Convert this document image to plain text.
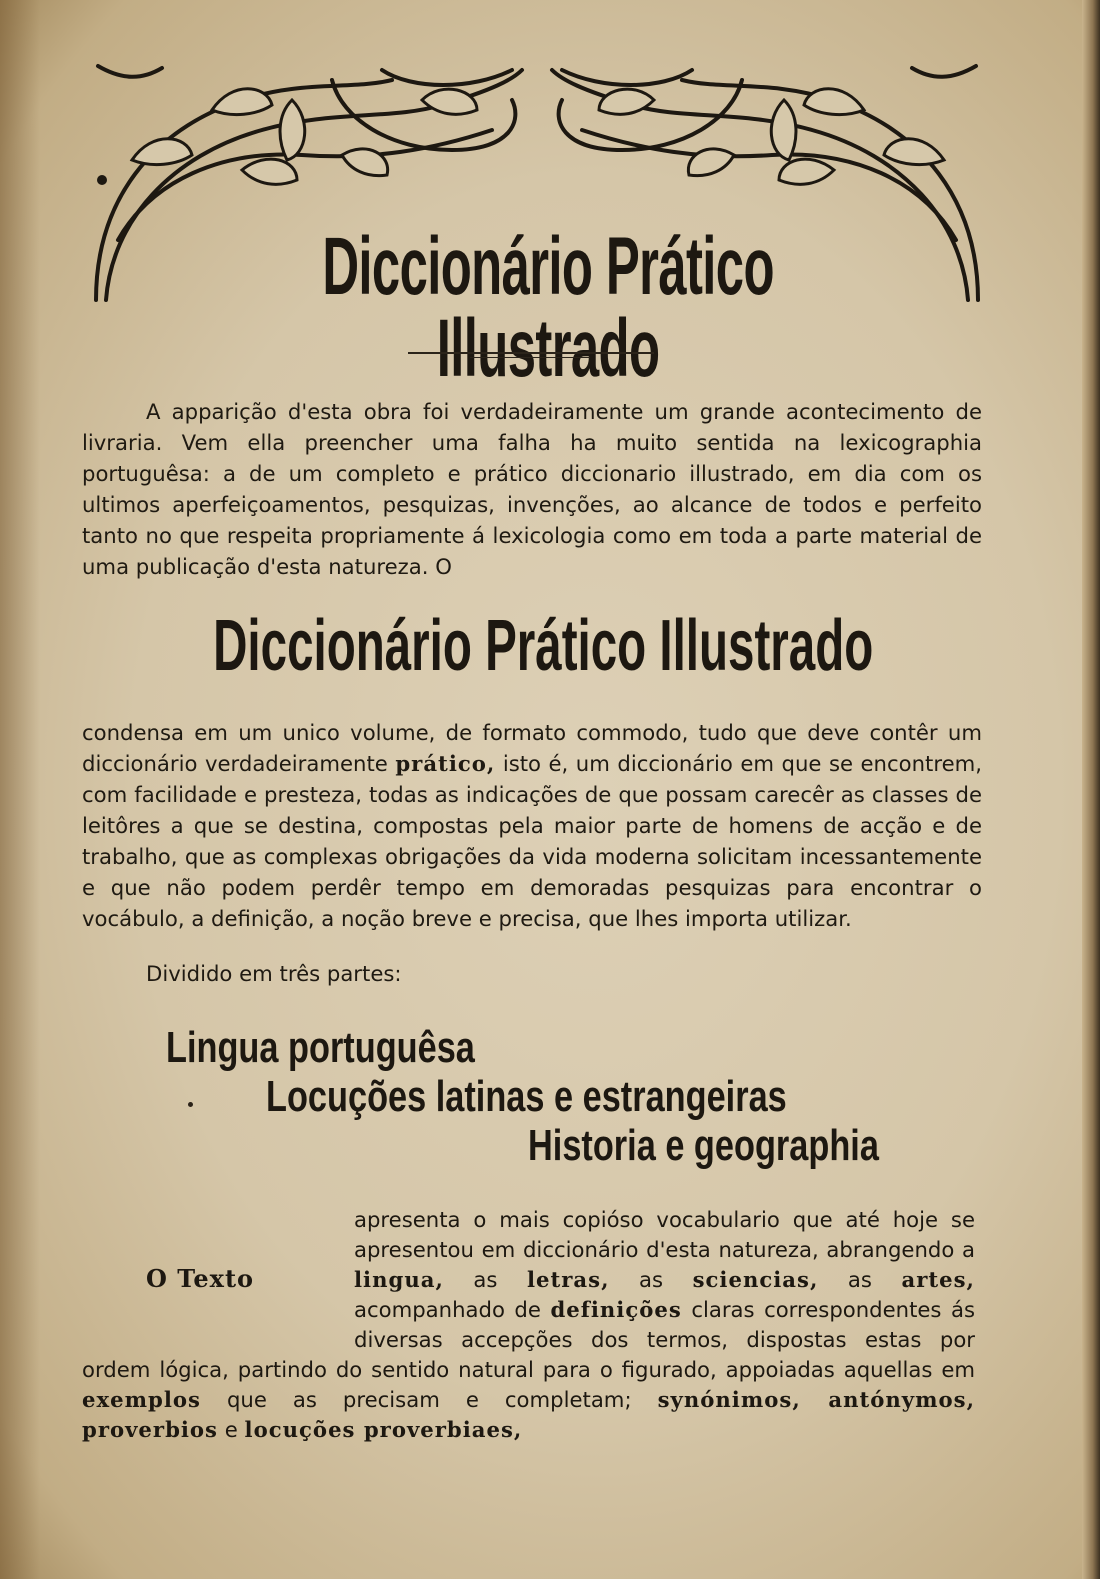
Diccionário Prático Illustrado
A apparição d'esta obra foi verdadeiramente um grande acontecimento de livraria. Vem ella preencher uma falha ha muito sentida na lexicographia portuguêsa: a de um completo e prático diccionario illustrado, em dia com os ultimos aperfeiçoamentos, pesquizas, invenções, ao alcance de todos e perfeito tanto no que respeita propriamente á lexicologia como em toda a parte material de uma publicação d'esta natureza. O
Diccionário Prático Illustrado
condensa em um unico volume, de formato commodo, tudo que deve contêr um diccionário verdadeiramente prático, isto é, um diccionário em que se encontrem, com facilidade e presteza, todas as indicações de que possam carecêr as classes de leitôres a que se destina, compostas pela maior parte de homens de acção e de trabalho, que as complexas obrigações da vida moderna solicitam incessantemente e que não podem perdêr tempo em demoradas pesquizas para encontrar o vocábulo, a definição, a noção breve e precisa, que lhes importa utilizar.
Dividido em três partes:
Lingua portuguêsa
Locuções latinas e estrangeiras
Historia e geographia
O Texto
apresenta o mais copióso vocabulario que até hoje se apresentou em diccionário d'esta natureza, abrangendo a lingua, as letras, as sciencias, as artes, acompanhado de definições claras correspondentes ás diversas accepções dos termos, dispostas estas por ordem lógica, partindo do sentido natural para o figurado, appoiadas aquellas em exemplos que as precisam e completam; synónimos, antónymos, proverbios e locuções proverbiaes,
